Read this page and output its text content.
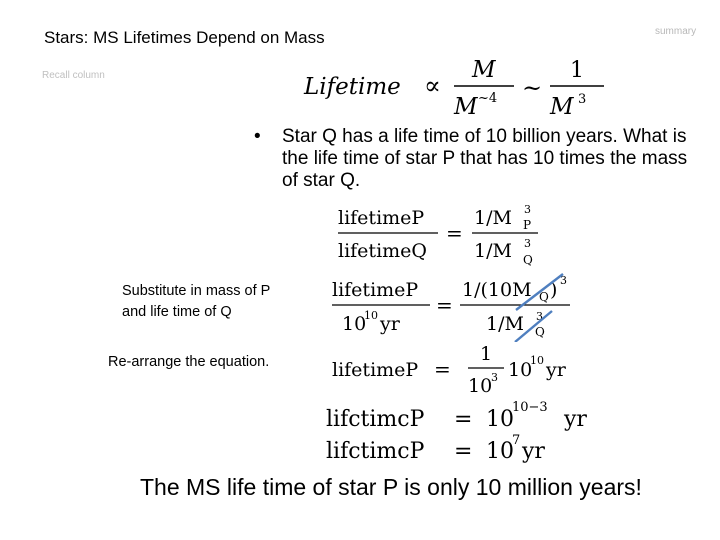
Stars: MS Lifetimes Depend on Mass	summary
Recall column	Lifetime ∝
M
M ~4 ~
1
M 3
•	Star Q has a life time of 10 billion years. What is the life time of star P that has 10 times the mass of star Q.
lifetimeP
lifetimeQ
=
1/M 3
P
1/M 3
Q
Substitute in mass of P
and life time of Q
lifetimeP
10
10 yr
=
1/(10M Q ) 3
1/M 3
Q
Re-arrange the equation.	lifetimeP =
1
10
3 10
10 yr
lifctimcP = 10
10−3 yr
lifctimcP = 10
7 yr
The MS life time of star P is only 10 million years!
